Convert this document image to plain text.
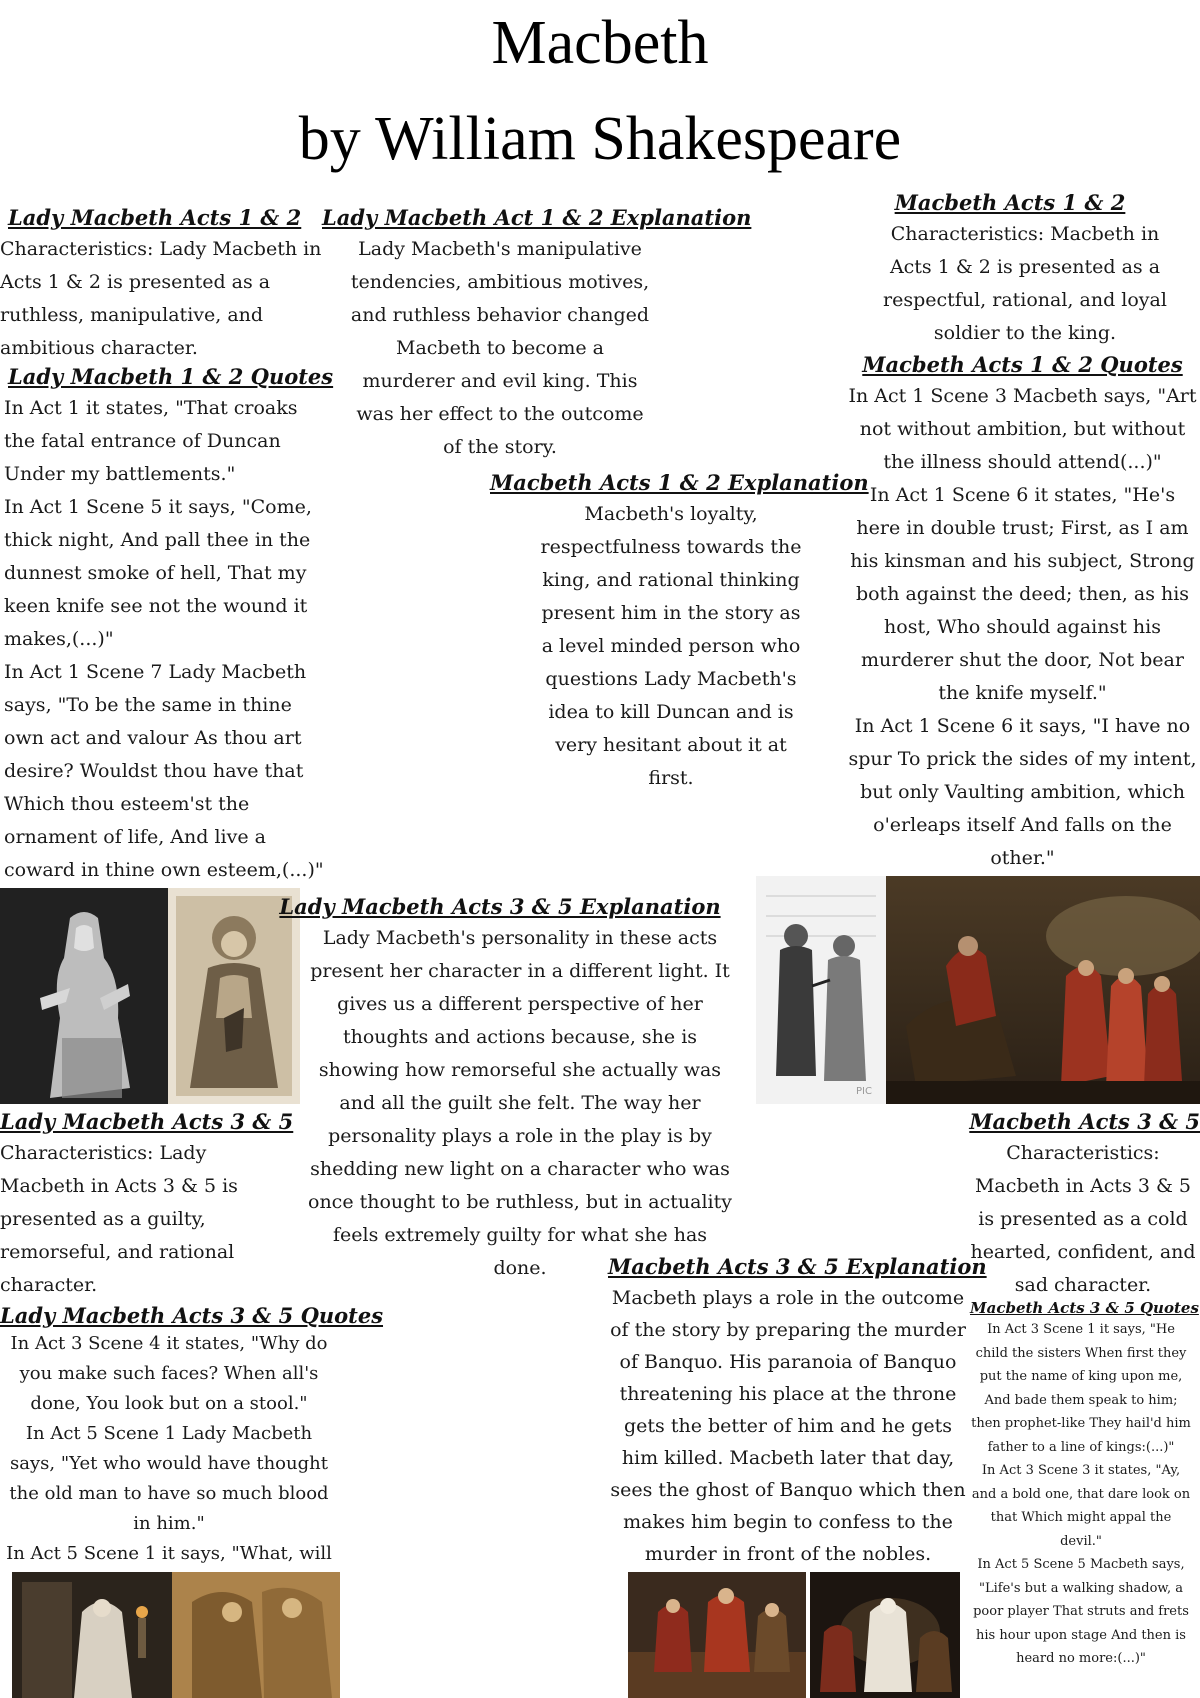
Macbeth
by William Shakespeare
Lady Macbeth Acts 1 & 2

Characteristics: Lady Macbeth in Acts 1 & 2 is presented as a ruthless, manipulative, and ambitious character.

Lady Macbeth 1 & 2 Quotes

In Act 1 it states, "That croaks the fatal entrance of Duncan Under my battlements."

In Act 1 Scene 5 it says, "Come, thick night, And pall thee in the dunnest smoke of hell, That my keen knife see not the wound it makes,(...)"

In Act 1 Scene 7 Lady Macbeth says, "To be the same in thine own act and valour As thou art desire? Wouldst thou have that Which thou esteem'st the ornament of life, And live a coward in thine own esteem,(...)"

Lady Macbeth Act 1 & 2 Explanation

Lady Macbeth's manipulative tendencies, ambitious motives, and ruthless behavior changed Macbeth to become a murderer and evil king. This was her effect to the outcome of the story.

Macbeth Acts 1 & 2 Explanation

Macbeth's loyalty, respectfulness towards the king, and rational thinking present him in the story as a level minded person who questions Lady Macbeth's idea to kill Duncan and is very hesitant about it at first.

Macbeth Acts 1 & 2

Characteristics: Macbeth in Acts 1 & 2 is presented as a respectful, rational, and loyal soldier to the king.

Macbeth Acts 1 & 2 Quotes

In Act 1 Scene 3 Macbeth says, "Art not without ambition, but without the illness should attend(...)"

In Act 1 Scene 6 it states, "He's here in double trust; First, as I am his kinsman and his subject, Strong both against the deed; then, as his host, Who should against his murderer shut the door, Not bear the knife myself."

In Act 1 Scene 6 it says, "I have no spur To prick the sides of my intent, but only Vaulting ambition, which o'erleaps itself And falls on the other."

Lady Macbeth Acts 3 & 5 Explanation

Lady Macbeth's personality in these acts present her character in a different light. It gives us a different perspective of her thoughts and actions because, she is showing how remorseful she actually was and all the guilt she felt. The way her personality plays a role in the play is by shedding new light on a character who was once thought to be ruthless, but in actuality feels extremely guilty for what she has done.

PIC
Lady Macbeth Acts 3 & 5

Characteristics: Lady Macbeth in Acts 3 & 5 is presented as a guilty, remorseful, and rational character.

Lady Macbeth Acts 3 & 5 Quotes

In Act 3 Scene 4 it states, "Why do you make such faces? When all's done, You look but on a stool."

In Act 5 Scene 1 Lady Macbeth says, "Yet who would have thought the old man to have so much blood in him."

In Act 5 Scene 1 it says, "What, will

Macbeth Acts 3 & 5 Explanation

Macbeth plays a role in the outcome of the story by preparing the murder of Banquo. His paranoia of Banquo threatening his place at the throne gets the better of him and he gets him killed. Macbeth later that day, sees the ghost of Banquo which then makes him begin to confess to the murder in front of the nobles.

Macbeth Acts 3 & 5

Characteristics: Macbeth in Acts 3 & 5 is presented as a cold hearted, confident, and sad character.

Macbeth Acts 3 & 5 Quotes

In Act 3 Scene 1 it says, "He child the sisters When first they put the name of king upon me, And bade them speak to him; then prophet-like They hail'd him father to a line of kings:(...)"

In Act 3 Scene 3 it states, "Ay, and a bold one, that dare look on that Which might appal the devil."

In Act 5 Scene 5 Macbeth says, "Life's but a walking shadow, a poor player That struts and frets his hour upon stage And then is heard no more:(...)"
